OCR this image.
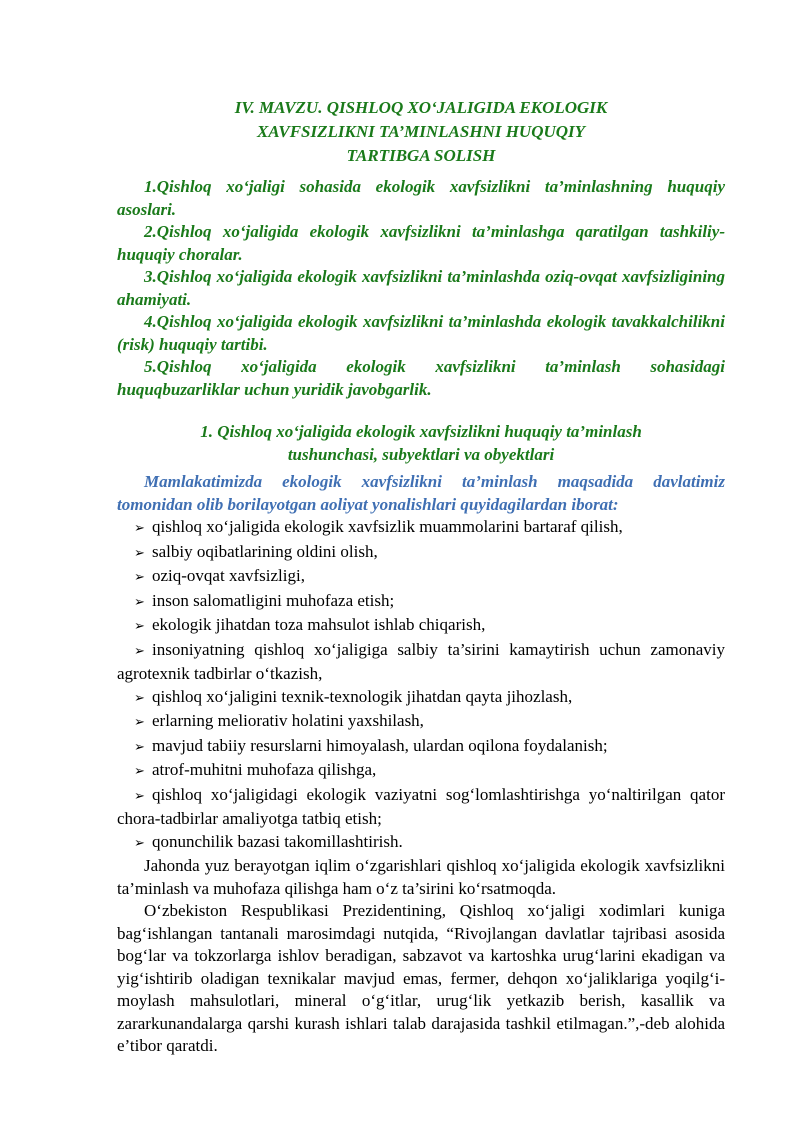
IV. MAVZU. QISHLOQ XO‘JALIGIDA EKOLOGIK
XAVFSIZLIKNI TA’MINLASHNI HUQUQIY
TARTIBGA SOLISH

1.Qishloq xo‘jaligi sohasida ekologik xavfsizlikni ta’minlashning huquqiy asoslari.

2.Qishloq xo‘jaligida ekologik xavfsizlikni ta’minlashga qaratilgan tashkiliy-huquqiy choralar.

3.Qishloq xo‘jaligida ekologik xavfsizlikni ta’minlashda oziq-ovqat xavfsizligining ahamiyati.

4.Qishloq xo‘jaligida ekologik xavfsizlikni ta’minlashda ekologik tavakkalchilikni (risk) huquqiy tartibi.

5.Qishloq xo‘jaligida ekologik xavfsizlikni ta’minlash sohasidagi huquqbuzarliklar uchun yuridik javobgarlik.

1. Qishloq xo‘jaligida ekologik xavfsizlikni huquqiy ta’minlash
tushunchasi, subyektlari va obyektlari

Mamlakatimizda ekologik xavfsizlikni ta’minlash maqsadida davlatimiz tomonidan olib borilayotgan aoliyat yonalishlari quyidagilardan iborat:

➢ qishloq xo‘jaligida ekologik xavfsizlik muammolarini bartaraf qilish,
➢ salbiy oqibatlarining oldini olish,
➢ oziq-ovqat xavfsizligi,
➢ inson salomatligini muhofaza etish;
➢ ekologik jihatdan toza mahsulot ishlab chiqarish,
➢ insoniyatning qishloq xo‘jaligiga salbiy ta’sirini kamaytirish uchun zamonaviy agrotexnik tadbirlar o‘tkazish,
➢ qishloq xo‘jaligini texnik-texnologik jihatdan qayta jihozlash,
➢ erlarning meliorativ holatini yaxshilash,
➢ mavjud tabiiy resurslarni himoyalash, ulardan oqilona foydalanish;
➢ atrof-muhitni muhofaza qilishga,
➢ qishloq xo‘jaligidagi ekologik vaziyatni sog‘lomlashtirishga yo‘naltirilgan qator chora-tadbirlar amaliyotga tatbiq etish;
➢ qonunchilik bazasi takomillashtirish.

Jahonda yuz berayotgan iqlim o‘zgarishlari qishloq xo‘jaligida ekologik xavfsizlikni ta’minlash va muhofaza qilishga ham o‘z ta’sirini ko‘rsatmoqda.

O‘zbekiston Respublikasi Prezidentining, Qishloq xo‘jaligi xodimlari kuniga bag‘ishlangan tantanali marosimdagi nutqida, “Rivojlangan davlatlar tajribasi asosida bog‘lar va tokzorlarga ishlov beradigan, sabzavot va kartoshka urug‘larini ekadigan va yig‘ishtirib oladigan texnikalar mavjud emas, fermer, dehqon xo‘jaliklariga yoqilg‘i-moylash mahsulotlari, mineral o‘g‘itlar, urug‘lik yetkazib berish, kasallik va zararkunandalarga qarshi kurash ishlari talab darajasida tashkil etilmagan.”,-deb alohida e’tibor qaratdi.
